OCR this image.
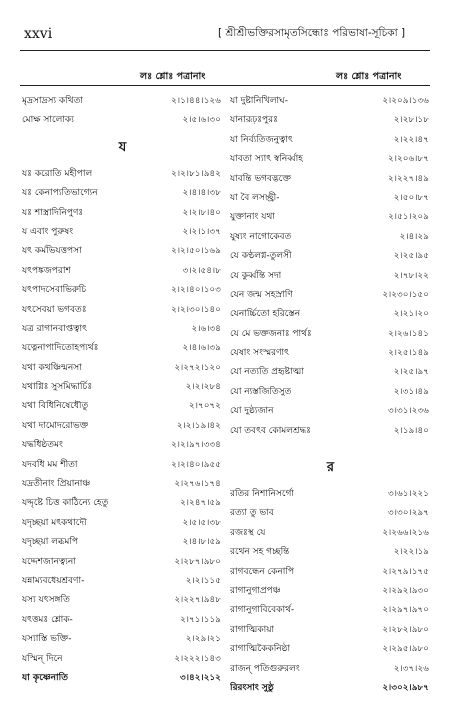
xxvi	[ শ্রীশ্রীভক্তিরসামৃতসিন্ধোঃ পরিভাষা-সূচিকা ]
লঃ শ্লোঃ পত্রানাং	লঃ শ্লোঃ পত্রানাং
মৃদ্রসাদ্রস্য কথিতা	২।১।৪৪।১২৬
মোক্ষ সালোক্য	২।৫।৬।৩০
য
যঃ করোতি মহীপাল	২।২।৮১।৯৪২
যঃ কেনাপ্যতিভাগ্যেন	২।৪।৪।৩৮
যঃ শাস্ত্রাদিনিপুণঃ	২।২।৮।৪০
য এবাং পুরুষং	২।২।১।৩৭
যৎ কর্মভিযত্তপসা	২।২।৫০।১৬৯
যৎপঙ্কজপরাশ	৩।২।৫৪।৮
যৎপাদসেবাভিরুচি	২।২।৪০।১০৩
যৎসেবয়া ভগবতঃ	২।২।৩০।১৪০
যত্র রাগানবাপ্তত্বাৎ	২।৬।৩৪
যত্নেনাপাদিতোহপ্যর্থঃ	২।৪।৬।৩৯
যথা কথঞ্চিন্মনসা	২।২৭২।১২০
যথাগ্নিঃ সুসমিদ্ধার্চিঃ	২।২।২৮৪
যথা বিধিনিষেধৌতু	২।৭০৭২
যথা দামোদরোভক্ত	২।২।১৯।৪২
যদ্ধধিষ্ঠতমং	২।২।৯৭।৩৩৪
যদবধি মম শীতা	২।২।৪০।৯৫৫
যদ্রতীনাং প্রিয়ানাঞ্চ	২।২৭৬।১৭৪
যদ্দৃষ্টে চিত্ত কাঠিন্যে হেতু	২।২৪৭।৫৯
যদৃচ্ছয়া মৎকথাদৌ	২।৫।৫।৩৮
যদৃচ্ছয়া লব্ধমপি	২।৪।৮।৫৯
যদ্দেশজানত্ব্যনা	২।২৮৭।৯৮০
যন্নাম্যবধেয়শ্রবণা-	২।২।১১৫
যস্য যৎসঙ্গতি	২।২২৭।৯৪৮
যৎত্তমঃ শ্লোক-	২।৭১।১১৯
যস্যাস্তি ভক্তি-	২।২৯।২১
যস্মিন্ দিনে	২।২২২।১৪৩
যা কৃষ্ণেনাতি	৩।৪২।২১২
যা দুষ্টানিখিলাঘ-	২।২০৯।১৩৬
যানারূঢ়ঃপুরঃ	২।২৮।১৮
যা নির্ব্যতিজনুত্বাৎ	২।২২।৪৭
যাবতা স্যাৎ স্বনির্ব্বাহ	২।২০৬।৮৭
যাবন্তি ভগবদ্ভক্তে	২।২২৭।৪৯
যা বৈ লসচ্ছ্রী-	২।৫০।৮৭
যুক্তানাং যথা	২।৫১।২০৯
যুষ্যং নাগোকেবত	২।৪।২৯
যে কণ্ঠলগ্ন-তুলসী	২।২৫।৯৫
যে কুর্ব্বন্তি সদা	২।৭৮।২২
যেন জন্ম সহস্রাণি	২।২৩০।১৫০
যেনার্চ্চিতো হরিস্তেন	২।২১।২০
যে মে ভক্তজনাঃ পার্থঃ	২।২৬।১৪১
যেষাং সংস্মরণাৎ	২।২৫।১৪৯
যো নত্যতি প্রহৃষ্টাত্মা	২।২৫।৯৭
যো ন্যস্তজিতিসুত	২।৩১।৪৯
যো দুষ্ঠ্যজান	৩।৩১।২৩৬
যো তবৎব কোমলশ্রদ্ধঃ	২।১৯।৪০
র
রতির নিশানিসর্গো	৩।৬১।২২১
রত্যা তু ভাব	৩।৩০।২৯৭
রজঃস্থ যে	২।২৬৬।২১৬
রথেন সহ গচ্ছন্তি	২।২২।১৯
রাগবন্ধেন কেনাপি	২।২৭৯।১৭৫
রাগানুগাপ্রপঞ্চ	২।২৯২।৯৩০
রাগানুগাবিবেকার্থ-	২।২৯৭।৯৭০
রাগাত্মিকায়া	২।২৮২।৯৮০
রাগাত্মিকৈকনিষ্ঠা	২।২৯৫।৯৮০
রাজন্ পতিগুরুরলং	২।৩৭।২৬
রিরংসাং সুষ্ঠু	২।৩০২।৯৮৭
